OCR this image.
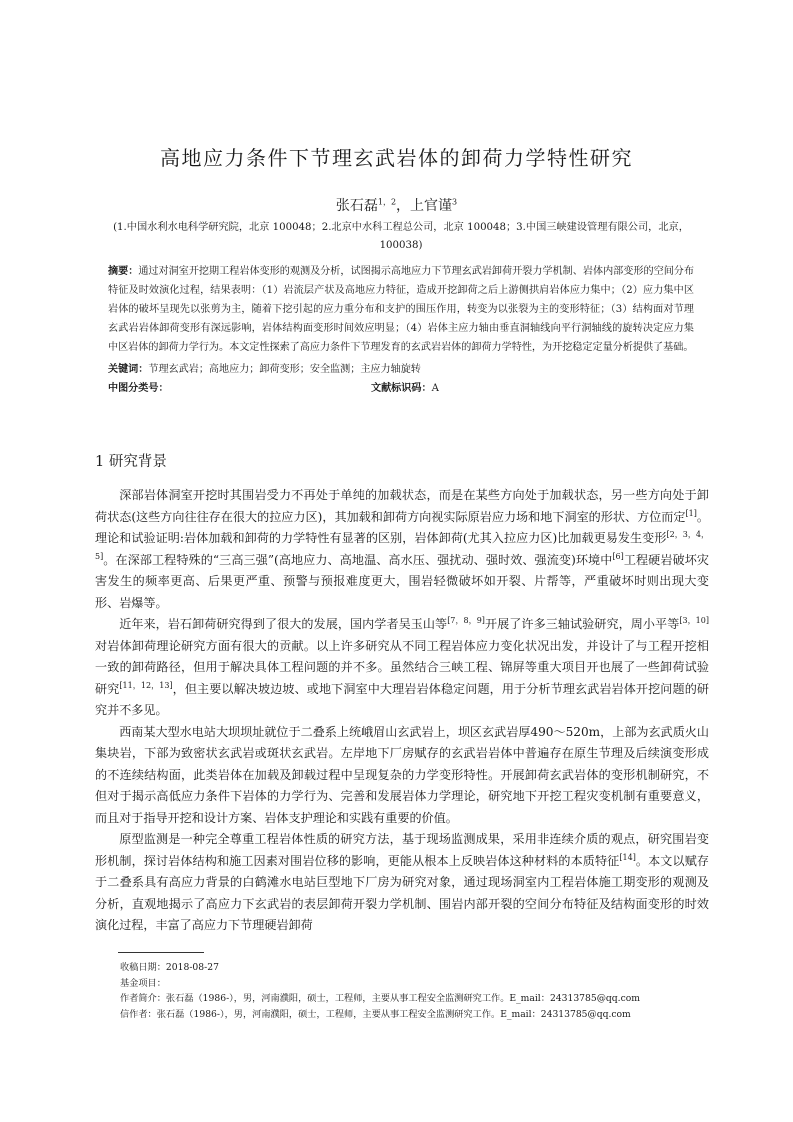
高地应力条件下节理玄武岩体的卸荷力学特性研究
张石磊$^{1,2}$，上官谨$^3$
(1.中国水利水电科学研究院，北京 100048；2.北京中水科工程总公司，北京 100048；3.中国三峡建设管理有限公司，北京，100038)
摘要：通过对洞室开挖期工程岩体变形的观测及分析，试图揭示高地应力下节理玄武岩卸荷开裂力学机制、岩体内部变形的空间分布特征及时效演化过程，结果表明：（1）岩流层产状及高地应力特征，造成开挖卸荷之后上游侧拱肩岩体应力集中；（2）应力集中区岩体的破坏呈现先以张剪为主，随着下挖引起的应力重分布和支护的围压作用，转变为以张裂为主的变形特征；（3）结构面对节理玄武岩岩体卸荷变形有深远影响，岩体结构面变形时间效应明显；（4）岩体主应力轴由垂直洞轴线向平行洞轴线的旋转决定应力集中区岩体的卸荷力学行为。本文定性探索了高应力条件下节理发育的玄武岩岩体的卸荷力学特性，为开挖稳定定量分析提供了基础。
关键词：节理玄武岩；高地应力；卸荷变形；安全监测；主应力轴旋转
中图分类号：	文献标识码：A
1 研究背景

深部岩体洞室开挖时其围岩受力不再处于单纯的加载状态，而是在某些方向处于加载状态，另一些方向处于卸荷状态(这些方向往往存在很大的拉应力区)，其加载和卸荷方向视实际原岩应力场和地下洞室的形状、方位而定[1]。理论和试验证明:岩体加载和卸荷的力学特性有显著的区别，岩体卸荷(尤其入拉应力区)比加载更易发生变形[2，3，4，5]。在深部工程特殊的“三高三强”(高地应力、高地温、高水压、强扰动、强时效、强流变)环境中[6]工程硬岩破坏灾害发生的频率更高、后果更严重、预警与预报难度更大，围岩轻微破坏如开裂、片帮等，严重破坏时则出现大变形、岩爆等。

近年来，岩石卸荷研究得到了很大的发展，国内学者吴玉山等[7，8，9]开展了许多三轴试验研究，周小平等[3，10]对岩体卸荷理论研究方面有很大的贡献。以上许多研究从不同工程岩体应力变化状况出发，并设计了与工程开挖相一致的卸荷路径，但用于解决具体工程问题的并不多。虽然结合三峡工程、锦屏等重大项目开也展了一些卸荷试验研究[11，12，13]，但主要以解决坡边坡、或地下洞室中大理岩岩体稳定问题，用于分析节理玄武岩岩体开挖问题的研究并不多见。

西南某大型水电站大坝坝址就位于二叠系上统峨眉山玄武岩上，坝区玄武岩厚490～520m，上部为玄武质火山集块岩，下部为致密状玄武岩或斑状玄武岩。左岸地下厂房赋存的玄武岩岩体中普遍存在原生节理及后续演变形成的不连续结构面，此类岩体在加载及卸载过程中呈现复杂的力学变形特性。开展卸荷玄武岩体的变形机制研究，不但对于揭示高低应力条件下岩体的力学行为、完善和发展岩体力学理论，研究地下开挖工程灾变机制有重要意义，而且对于指导开挖和设计方案、岩体支护理论和实践有重要的价值。

原型监测是一种完全尊重工程岩体性质的研究方法，基于现场监测成果，采用非连续介质的观点，研究围岩变形机制，探讨岩体结构和施工因素对围岩位移的影响，更能从根本上反映岩体这种材料的本质特征[14]。本文以赋存于二叠系具有高应力背景的白鹤滩水电站巨型地下厂房为研究对象，通过现场洞室内工程岩体施工期变形的观测及分析，直观地揭示了高应力下玄武岩的表层卸荷开裂力学机制、围岩内部开裂的空间分布特征及结构面变形的时效演化过程，丰富了高应力下节理硬岩卸荷

收稿日期：2018-08-27
基金项目：
作者简介：张石磊（1986-），男，河南濮阳，硕士，工程师，主要从事工程安全监测研究工作。E_mail：24313785@qq.com
信作者：张石磊（1986-），男，河南濮阳，硕士，工程师，主要从事工程安全监测研究工作。E_mail：24313785@qq.com
